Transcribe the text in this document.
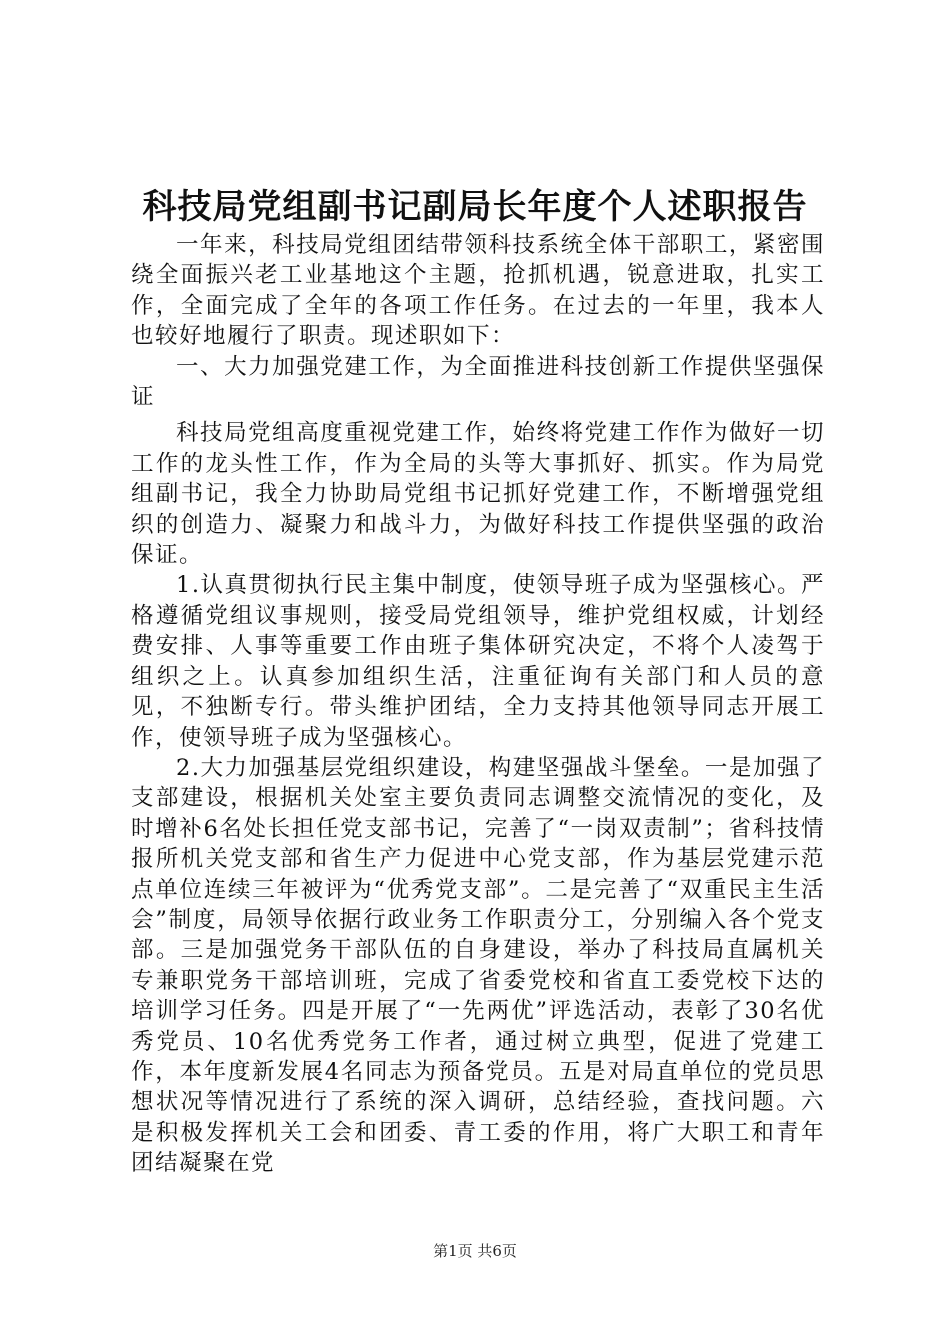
科技局党组副书记副局长年度个人述职报告

一年来，科技局党组团结带领科技系统全体干部职工，紧密围绕全面振兴老工业基地这个主题，抢抓机遇，锐意进取，扎实工作，全面完成了全年的各项工作任务。在过去的一年里，我本人也较好地履行了职责。现述职如下：

一、大力加强党建工作，为全面推进科技创新工作提供坚强保证

科技局党组高度重视党建工作，始终将党建工作作为做好一切工作的龙头性工作，作为全局的头等大事抓好、抓实。作为局党组副书记，我全力协助局党组书记抓好党建工作，不断增强党组织的创造力、凝聚力和战斗力，为做好科技工作提供坚强的政治保证。

1.认真贯彻执行民主集中制度，使领导班子成为坚强核心。严格遵循党组议事规则，接受局党组领导，维护党组权威，计划经费安排、人事等重要工作由班子集体研究决定，不将个人凌驾于组织之上。认真参加组织生活，注重征询有关部门和人员的意见，不独断专行。带头维护团结，全力支持其他领导同志开展工作，使领导班子成为坚强核心。

2.大力加强基层党组织建设，构建坚强战斗堡垒。一是加强了支部建设，根据机关处室主要负责同志调整交流情况的变化，及时增补6名处长担任党支部书记，完善了“一岗双责制”；省科技情报所机关党支部和省生产力促进中心党支部，作为基层党建示范点单位连续三年被评为“优秀党支部”。二是完善了“双重民主生活会”制度，局领导依据行政业务工作职责分工，分别编入各个党支部。三是加强党务干部队伍的自身建设，举办了科技局直属机关专兼职党务干部培训班，完成了省委党校和省直工委党校下达的培训学习任务。四是开展了“一先两优”评选活动，表彰了30名优秀党员、10名优秀党务工作者，通过树立典型，促进了党建工作，本年度新发展4名同志为预备党员。五是对局直单位的党员思想状况等情况进行了系统的深入调研，总结经验，查找问题。六是积极发挥机关工会和团委、青工委的作用，将广大职工和青年团结凝聚在党

第1页 共6页
